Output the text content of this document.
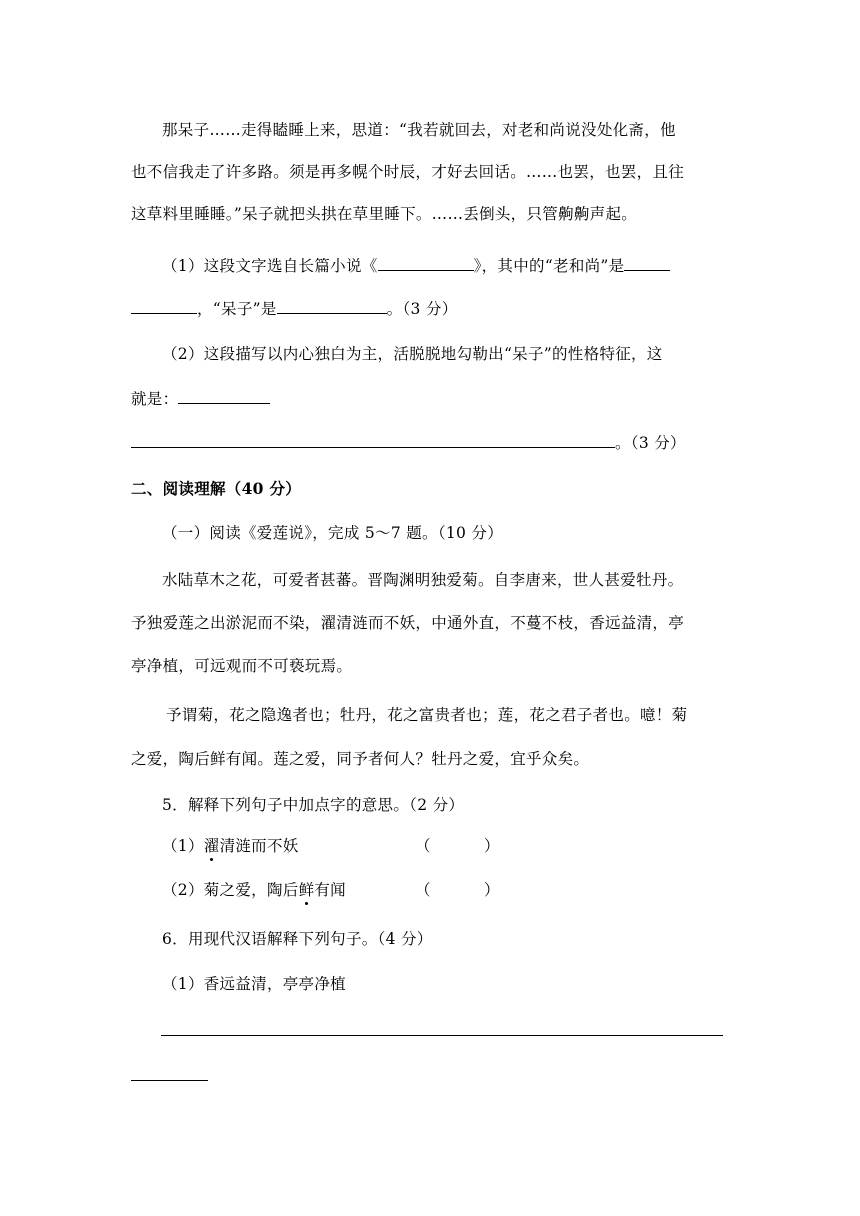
那呆子……走得瞌睡上来，思道：“我若就回去，对老和尚说没处化斋，他
也不信我走了许多路。须是再多幌个时辰，才好去回话。……也罢，也罢，且往
这草料里睡睡。”呆子就把头拱在草里睡下。……丢倒头，只管齁齁声起。
（1）这段文字选自长篇小说《	》，其中的“老和尚”是
，“呆子”是	。（3 分）
（2）这段描写以内心独白为主，活脱脱地勾勒出“呆子”的性格特征，这
就是：
。（3 分）
二、阅读理解（40 分）
（一）阅读《爱莲说》，完成 5～7 题。（10 分）
水陆草木之花，可爱者甚蕃。晋陶渊明独爱菊。自李唐来，世人甚爱牡丹。
予独爱莲之出淤泥而不染，濯清涟而不妖，中通外直，不蔓不枝，香远益清，亭
亭净植，可远观而不可亵玩焉。
予谓菊，花之隐逸者也；牡丹，花之富贵者也；莲，花之君子者也。噫！菊
之爱，陶后鲜有闻。莲之爱，同予者何人？牡丹之爱，宜乎众矣。
5．解释下列句子中加点字的意思。（2 分）
（1）濯清涟而不妖	（	）
（2）菊之爱，陶后鲜有闻	（	）
6．用现代汉语解释下列句子。（4 分）
（1）香远益清，亭亭净植
